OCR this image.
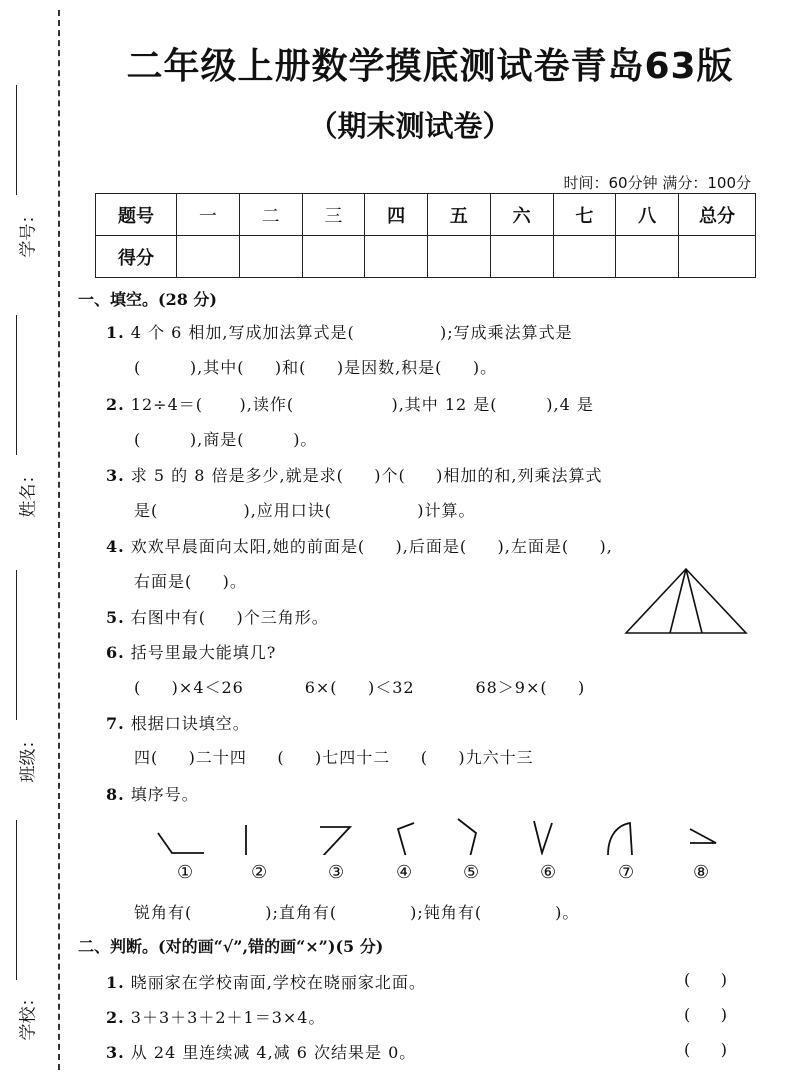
学号：
姓名：
班级：
学校：
二年级上册数学摸底测试卷青岛63版
（期末测试卷）
时间：60分钟 满分：100分
题号	一	二	三	四	五	六	七	八	总分
得分									
一、填空。(28 分)
1. 4 个 6 相加,写成加法算式是(              );写成乘法算式是
(        ),其中(     )和(     )是因数,积是(     )。
2. 12÷4＝(      ),读作(                ),其中 12 是(        ),4 是
(        ),商是(        )。
3. 求 5 的 8 倍是多少,就是求(     )个(     )相加的和,列乘法算式
是(              ),应用口诀(              )计算。
4. 欢欢早晨面向太阳,她的前面是(     ),后面是(     ),左面是(     ),
右面是(     )。
5. 右图中有(     )个三角形。
6. 括号里最大能填几?
(     )×4＜26          6×(     )＜32          68＞9×(     )
7. 根据口诀填空。
四(     )二十四     (     )七四十二     (     )九六十三
8. 填序号。
①	②	③	④	⑤	⑥	⑦	⑧
锐角有(            );直角有(            );钝角有(            )。
二、判断。(对的画“√”,错的画“×”)(5 分)
1. 晓丽家在学校南面,学校在晓丽家北面。	(      )
2. 3＋3＋3＋2＋1＝3×4。	(      )
3. 从 24 里连续减 4,减 6 次结果是 0。	(      )
